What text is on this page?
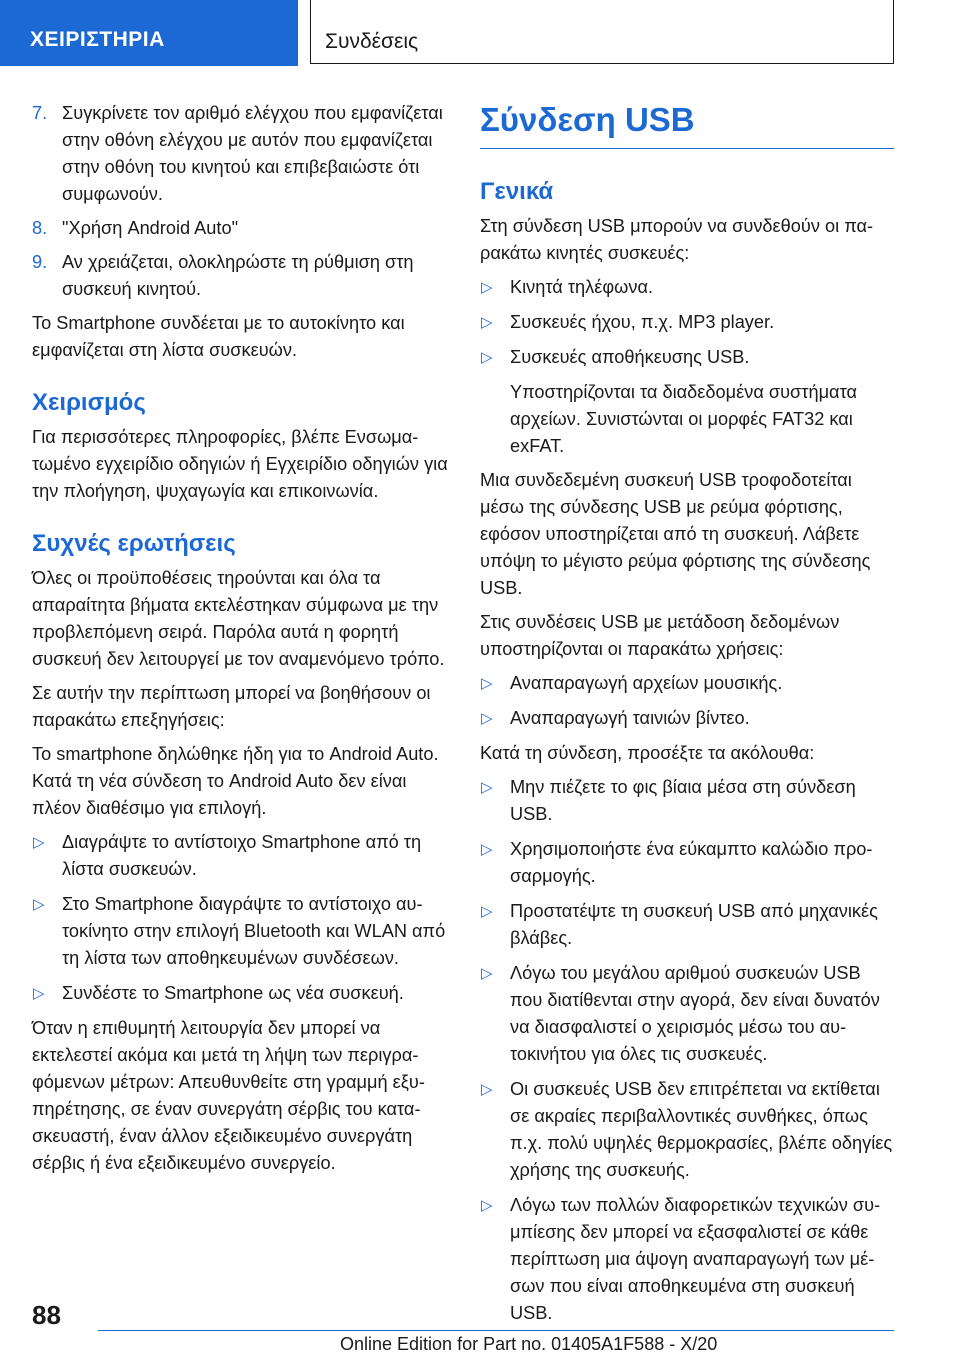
ΧΕΙΡΙΣΤΗΡΙΑ	Συνδέσεις
7. Συγκρίνετε τον αριθμό ελέγχου που εμφανίζεται στην οθόνη ελέγχου με αυτόν που εμφανίζεται στην οθόνη του κινητού και επιβεβαιώστε ότι συμφωνούν.
8. "Χρήση Android Auto"
9. Αν χρειάζεται, ολοκληρώστε τη ρύθμιση στη συσκευή κινητού.

Το Smartphone συνδέεται με το αυτοκίνητο και εμφανίζεται στη λίστα συσκευών.

Χειρισμός

Για περισσότερες πληροφορίες, βλέπε Ενσωματωμένο εγχειρίδιο οδηγιών ή Εγχειρίδιο οδηγιών για την πλοήγηση, ψυχαγωγία και επικοινωνία.

Συχνές ερωτήσεις

Όλες οι προϋποθέσεις τηρούνται και όλα τα απαραίτητα βήματα εκτελέστηκαν σύμφωνα με την προβλεπόμενη σειρά. Παρόλα αυτά η φορητή συσκευή δεν λειτουργεί με τον αναμενόμενο τρόπο.

Σε αυτήν την περίπτωση μπορεί να βοηθήσουν οι παρακάτω επεξηγήσεις:

Το smartphone δηλώθηκε ήδη για το Android Auto. Κατά τη νέα σύνδεση το Android Auto δεν είναι πλέον διαθέσιμο για επιλογή.

▷ Διαγράψτε το αντίστοιχο Smartphone από τη λίστα συσκευών.
▷ Στο Smartphone διαγράψτε το αντίστοιχο αυτοκίνητο στην επιλογή Bluetooth και WLAN από τη λίστα των αποθηκευμένων συνδέσεων.
▷ Συνδέστε το Smartphone ως νέα συσκευή.

Όταν η επιθυμητή λειτουργία δεν μπορεί να εκτελεστεί ακόμα και μετά τη λήψη των περιγραφόμενων μέτρων: Απευθυνθείτε στη γραμμή εξυπηρέτησης, σε έναν συνεργάτη σέρβις του κατασκευαστή, έναν άλλον εξειδικευμένο συνεργάτη σέρβις ή ένα εξειδικευμένο συνεργείο.

Σύνδεση USB
Γενικά

Στη σύνδεση USB μπορούν να συνδεθούν οι παρακάτω κινητές συσκευές:

▷ Κινητά τηλέφωνα.
▷ Συσκευές ήχου, π.χ. MP3 player.
▷ Συσκευές αποθήκευσης USB.

Υποστηρίζονται τα διαδεδομένα συστήματα αρχείων. Συνιστώνται οι μορφές FAT32 και exFAT.

Μια συνδεδεμένη συσκευή USB τροφοδοτείται μέσω της σύνδεσης USB με ρεύμα φόρτισης, εφόσον υποστηρίζεται από τη συσκευή. Λάβετε υπόψη το μέγιστο ρεύμα φόρτισης της σύνδεσης USB.

Στις συνδέσεις USB με μετάδοση δεδομένων υποστηρίζονται οι παρακάτω χρήσεις:

▷ Αναπαραγωγή αρχείων μουσικής.
▷ Αναπαραγωγή ταινιών βίντεο.

Κατά τη σύνδεση, προσέξτε τα ακόλουθα:

▷ Μην πιέζετε το φις βίαια μέσα στη σύνδεση USB.
▷ Χρησιμοποιήστε ένα εύκαμπτο καλώδιο προσαρμογής.
▷ Προστατέψτε τη συσκευή USB από μηχανικές βλάβες.
▷ Λόγω του μεγάλου αριθμού συσκευών USB που διατίθενται στην αγορά, δεν είναι δυνατόν να διασφαλιστεί ο χειρισμός μέσω του αυτοκινήτου για όλες τις συσκευές.
▷ Οι συσκευές USB δεν επιτρέπεται να εκτίθεται σε ακραίες περιβαλλοντικές συνθήκες, όπως π.χ. πολύ υψηλές θερμοκρασίες, βλέπε οδηγίες χρήσης της συσκευής.
▷ Λόγω των πολλών διαφορετικών τεχνικών συμπίεσης δεν μπορεί να εξασφαλιστεί σε κάθε περίπτωση μια άψογη αναπαραγωγή των μέσων που είναι αποθηκευμένα στη συσκευή USB.
88
Online Edition for Part no. 01405A1F588 - X/20
